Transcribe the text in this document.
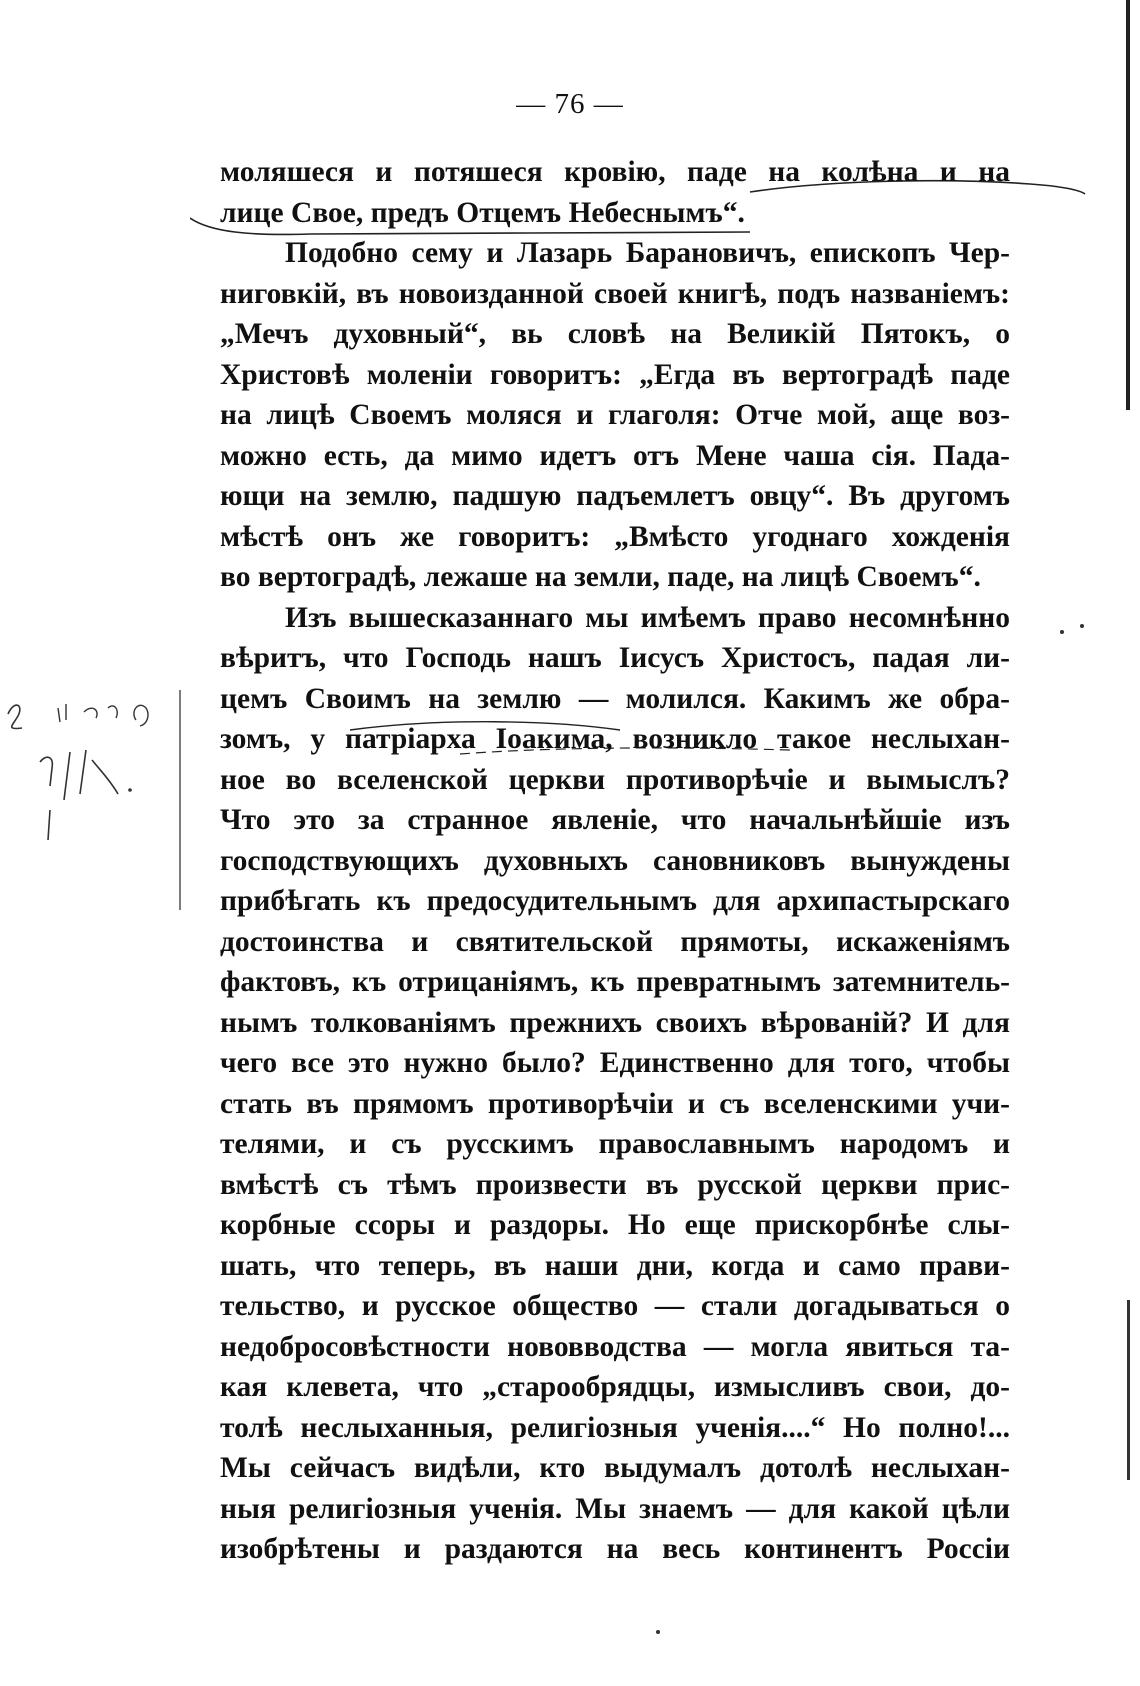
— 76 —
моляшеся и потяшеся кровію, паде на колѣна и на
лице Свое, предъ Отцемъ Небеснымъ“.
Подобно сему и Лазарь Барановичъ, епископъ Чер-
ниговкій, въ новоизданной своей книгѣ, подъ названіемъ:
„Мечъ духовный“, вь словѣ на Великій Пятокъ, о
Христовѣ моленіи говоритъ: „Егда въ вертоградѣ паде
на лицѣ Своемъ моляся и глаголя: Отче мой, аще воз-
можно есть, да мимо идетъ отъ Мене чаша сія. Пада-
ющи на землю, падшую падъемлетъ овцу“. Въ другомъ
мѣстѣ онъ же говоритъ: „Вмѣсто угоднаго хожденія
во вертоградѣ, лежаше на земли, паде, на лицѣ Своемъ“.
Изъ вышесказаннаго мы имѣемъ право несомнѣнно
вѣритъ, что Господь нашъ Іисусъ Христосъ, падая ли-
цемъ Своимъ на землю — молился. Какимъ же обра-
зомъ, у патріарха Іоакима, возникло такое неслыхан-
ное во вселенской церкви противорѣчіе и вымыслъ?
Что это за странное явленіе, что начальнѣйшіе изъ
господствующихъ духовныхъ сановниковъ вынуждены
прибѣгать къ предосудительнымъ для архипастырскаго
достоинства и святительской прямоты, искаженіямъ
фактовъ, къ отрицаніямъ, къ превратнымъ затемнитель-
нымъ толкованіямъ прежнихъ своихъ вѣрованій? И для
чего все это нужно было? Единственно для того, чтобы
стать въ прямомъ противорѣчіи и съ вселенскими учи-
телями, и съ русскимъ православнымъ народомъ и
вмѣстѣ съ тѣмъ произвести въ русской церкви прис-
корбные ссоры и раздоры. Но еще прискорбнѣе слы-
шать, что теперь, въ наши дни, когда и само прави-
тельство, и русское общество — стали догадываться о
недобросовѣстности нововводства — могла явиться та-
кая клевета, что „старообрядцы, измысливъ свои, до-
толѣ неслыханныя, религіозныя ученія....“ Но полно!...
Мы сейчасъ видѣли, кто выдумалъ дотолѣ неслыхан-
ныя религіозныя ученія. Мы знаемъ — для какой цѣли
изобрѣтены и раздаются на весь континентъ Россіи
